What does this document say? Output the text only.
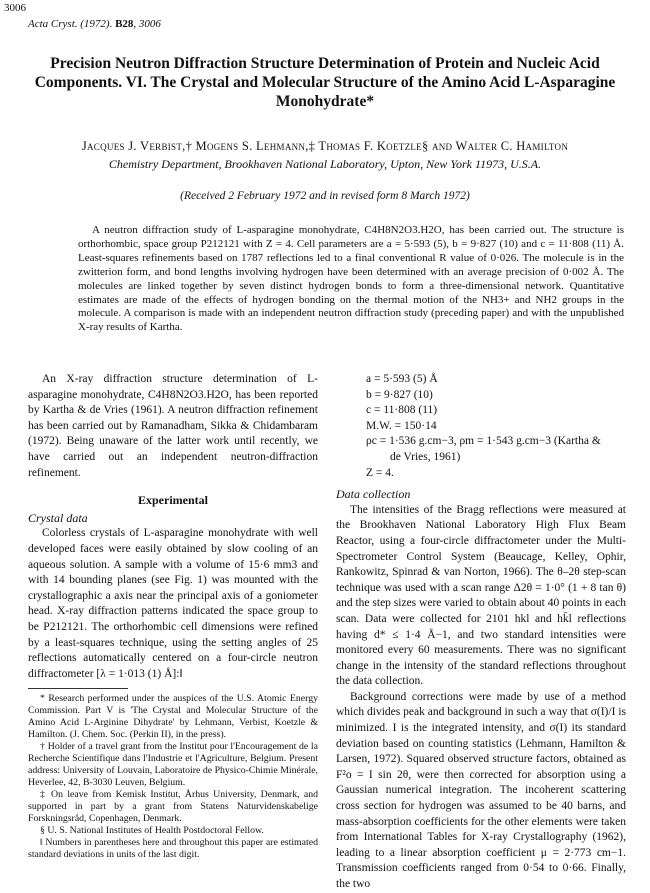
3006
Acta Cryst. (1972). B28, 3006
Precision Neutron Diffraction Structure Determination of Protein and Nucleic Acid Components. VI. The Crystal and Molecular Structure of the Amino Acid L-Asparagine Monohydrate*
Jacques J. Verbist,† Mogens S. Lehmann,‡ Thomas F. Koetzle§ and Walter C. Hamilton
Chemistry Department, Brookhaven National Laboratory, Upton, New York 11973, U.S.A.
(Received 2 February 1972 and in revised form 8 March 1972)

A neutron diffraction study of L-asparagine monohydrate, C4H8N2O3.H2O, has been carried out. The structure is orthorhombic, space group P212121 with Z = 4. Cell parameters are a = 5·593 (5), b = 9·827 (10) and c = 11·808 (11) Å. Least-squares refinements based on 1787 reflections led to a final conventional R value of 0·026. The molecule is in the zwitterion form, and bond lengths involving hydrogen have been determined with an average precision of 0·002 Å. The molecules are linked together by seven distinct hydrogen bonds to form a three-dimensional network. Quantitative estimates are made of the effects of hydrogen bonding on the thermal motion of the NH3+ and NH2 groups in the molecule. A comparison is made with an independent neutron diffraction study (preceding paper) and with the unpublished X-ray results of Kartha.

An X-ray diffraction structure determination of L-asparagine monohydrate, C4H8N2O3.H2O, has been reported by Kartha & de Vries (1961). A neutron diffraction refinement has been carried out by Ramanadham, Sikka & Chidambaram (1972). Being unaware of the latter work until recently, we have carried out an independent neutron-diffraction refinement.

Experimental
Crystal data

Colorless crystals of L-asparagine monohydrate with well developed faces were easily obtained by slow cooling of an aqueous solution. A sample with a volume of 15·6 mm3 and with 14 bounding planes (see Fig. 1) was mounted with the crystallographic a axis near the principal axis of a goniometer head. X-ray diffraction patterns indicated the space group to be P212121. The orthorhombic cell dimensions were refined by a least-squares technique, using the setting angles of 25 reflections automatically centered on a four-circle neutron diffractometer [λ = 1·013 (1) Å]:‖

* Research performed under the auspices of the U.S. Atomic Energy Commission. Part V is 'The Crystal and Molecular Structure of the Amino Acid L-Arginine Dihydrate' by Lehmann, Verbist, Koetzle & Hamilton. (J. Chem. Soc. (Perkin II), in the press).

† Holder of a travel grant from the Institut pour l'Encouragement de la Recherche Scientifique dans l'Industrie et l'Agriculture, Belgium. Present address: University of Louvain, Laboratoire de Physico-Chimie Minérale, Heverlee, 42, B-3030 Leuven, Belgium.

‡ On leave from Kemisk Institut, Århus University, Denmark, and supported in part by a grant from Statens Naturvidenskabelige Forskningsråd, Copenhagen, Denmark.

§ U. S. National Institutes of Health Postdoctoral Fellow.

‖ Numbers in parentheses here and throughout this paper are estimated standard deviations in units of the last digit.

a = 5·593 (5) Å
b = 9·827 (10)
c = 11·808 (11)
M.W. = 150·14
ρc = 1·536 g.cm−3, ρm = 1·543 g.cm−3 (Kartha &
de Vries, 1961)
Z = 4.
Data collection

The intensities of the Bragg reflections were measured at the Brookhaven National Laboratory High Flux Beam Reactor, using a four-circle diffractometer under the Multi-Spectrometer Control System (Beaucage, Kelley, Ophir, Rankowitz, Spinrad & van Norton, 1966). The θ–2θ step-scan technique was used with a scan range Δ2θ = 1·0° (1 + 8 tan θ) and the step sizes were varied to obtain about 40 points in each scan. Data were collected for 2101 hkl and hk̄l reflections having d* ≤ 1·4 Å−1, and two standard intensities were monitored every 60 measurements. There was no significant change in the intensity of the standard reflections throughout the data collection.

Background corrections were made by use of a method which divides peak and background in such a way that σ(I)/I is minimized. I is the integrated intensity, and σ(I) its standard deviation based on counting statistics (Lehmann, Hamilton & Larsen, 1972). Squared observed structure factors, obtained as F²o = I sin 2θ, were then corrected for absorption using a Gaussian numerical integration. The incoherent scattering cross section for hydrogen was assumed to be 40 barns, and mass-absorption coefficients for the other elements were taken from International Tables for X-ray Crystallography (1962), leading to a linear absorption coefficient μ = 2·773 cm−1. Transmission coefficients ranged from 0·54 to 0·66. Finally, the two
